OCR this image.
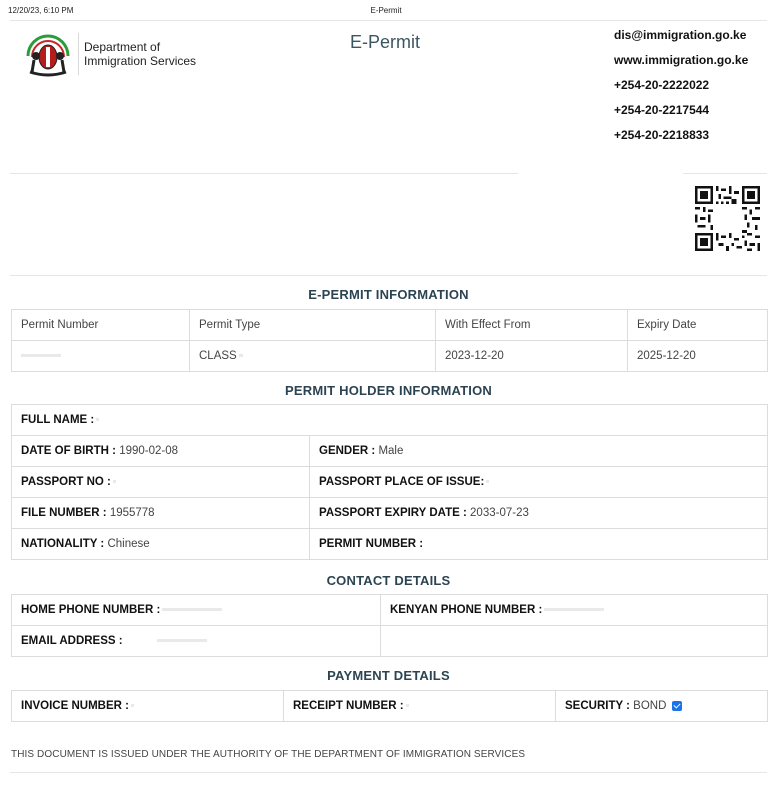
12/20/23, 6:10 PM	E-Permit
Department of
Immigration Services
E-Permit	dis@immigration.go.ke
www.immigration.go.ke
+254-20-2222022
+254-20-2217544
+254-20-2218833
E-PERMIT INFORMATION
Permit Number	Permit Type	With Effect From	Expiry Date
	CLASS	2023-12-20	2025-12-20
PERMIT HOLDER INFORMATION
FULL NAME :	
DATE OF BIRTH : 1990-02-08	GENDER : Male
PASSPORT NO :	PASSPORT PLACE OF ISSUE:
FILE NUMBER : 1955778	PASSPORT EXPIRY DATE : 2033-07-23
NATIONALITY : Chinese	PERMIT NUMBER :
CONTACT DETAILS
HOME PHONE NUMBER :	KENYAN PHONE NUMBER :
EMAIL ADDRESS :	
PAYMENT DETAILS
INVOICE NUMBER :	RECEIPT NUMBER :	SECURITY : BOND
THIS DOCUMENT IS ISSUED UNDER THE AUTHORITY OF THE DEPARTMENT OF IMMIGRATION SERVICES
